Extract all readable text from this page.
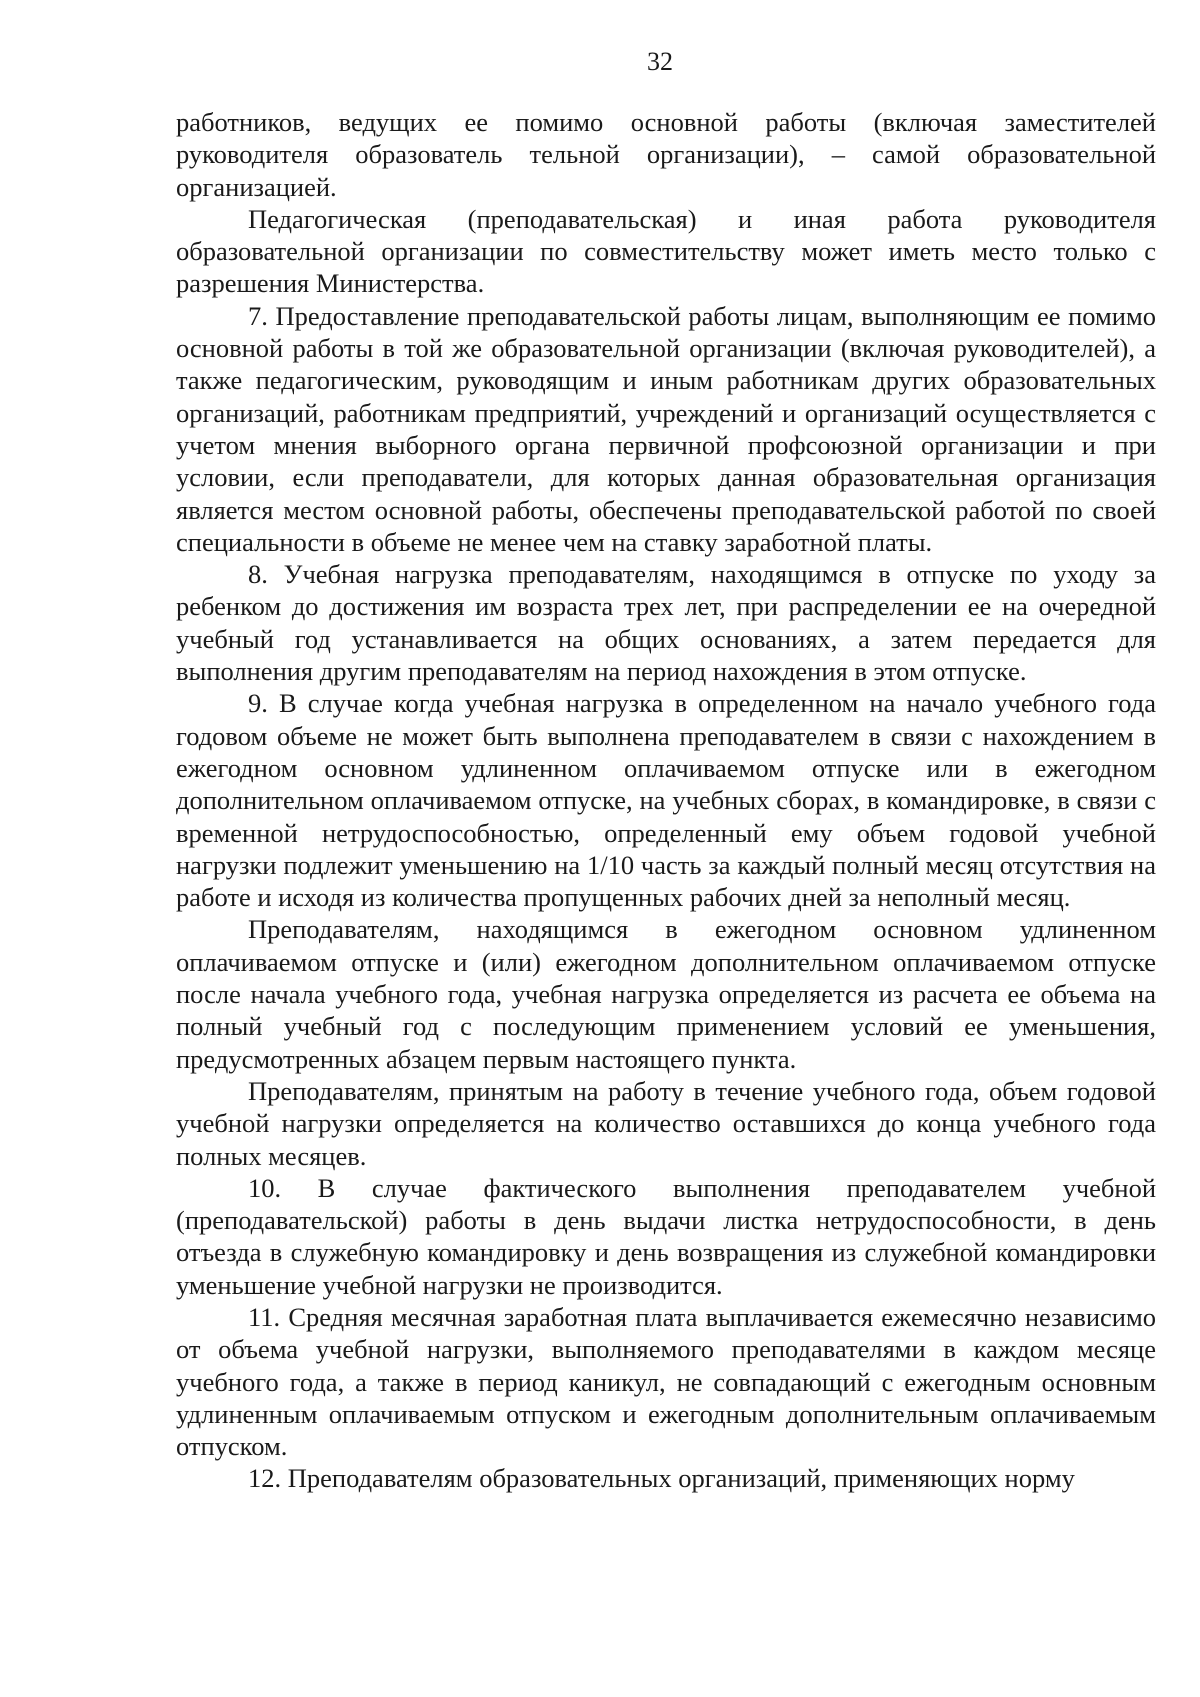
32

работников, ведущих ее помимо основной работы (включая заместителей руководителя образователь тельной организации), – самой образовательной организацией.

Педагогическая (преподавательская) и иная работа руководителя образовательной организации по совместительству может иметь место только с разрешения Министерства.

7. Предоставление преподавательской работы лицам, выполняющим ее помимо основной работы в той же образовательной организации (включая руководителей), а также педагогическим, руководящим и иным работникам других образовательных организаций, работникам предприятий, учреждений и организаций осуществляется с учетом мнения выборного органа первичной профсоюзной организации и при условии, если преподаватели, для которых данная образовательная организация является местом основной работы, обеспечены преподавательской работой по своей специальности в объеме не менее чем на ставку заработной платы.

8. Учебная нагрузка преподавателям, находящимся в отпуске по уходу за ребенком до достижения им возраста трех лет, при распределении ее на очередной учебный год устанавливается на общих основаниях, а затем передается для выполнения другим преподавателям на период нахождения в этом отпуске.

9. В случае когда учебная нагрузка в определенном на начало учебного года годовом объеме не может быть выполнена преподавателем в связи с нахождением в ежегодном основном удлиненном оплачиваемом отпуске или в ежегодном дополнительном оплачиваемом отпуске, на учебных сборах, в командировке, в связи с временной нетрудоспособностью, определенный ему объем годовой учебной нагрузки подлежит уменьшению на 1/10 часть за каждый полный месяц отсутствия на работе и исходя из количества пропущенных рабочих дней за неполный месяц.

Преподавателям, находящимся в ежегодном основном удлиненном оплачиваемом отпуске и (или) ежегодном дополнительном оплачиваемом отпуске после начала учебного года, учебная нагрузка определяется из расчета ее объема на полный учебный год с последующим применением условий ее уменьшения, предусмотренных абзацем первым настоящего пункта.

Преподавателям, принятым на работу в течение учебного года, объем годовой учебной нагрузки определяется на количество оставшихся до конца учебного года полных месяцев.

10. В случае фактического выполнения преподавателем учебной (преподавательской) работы в день выдачи листка нетрудоспособности, в день отъезда в служебную командировку и день возвращения из служебной командировки уменьшение учебной нагрузки не производится.

11. Средняя месячная заработная плата выплачивается ежемесячно независимо от объема учебной нагрузки, выполняемого преподавателями в каждом месяце учебного года, а также в период каникул, не совпадающий с ежегодным основным удлиненным оплачиваемым отпуском и ежегодным дополнительным оплачиваемым отпуском.

12. Преподавателям образовательных организаций, применяющих норму
